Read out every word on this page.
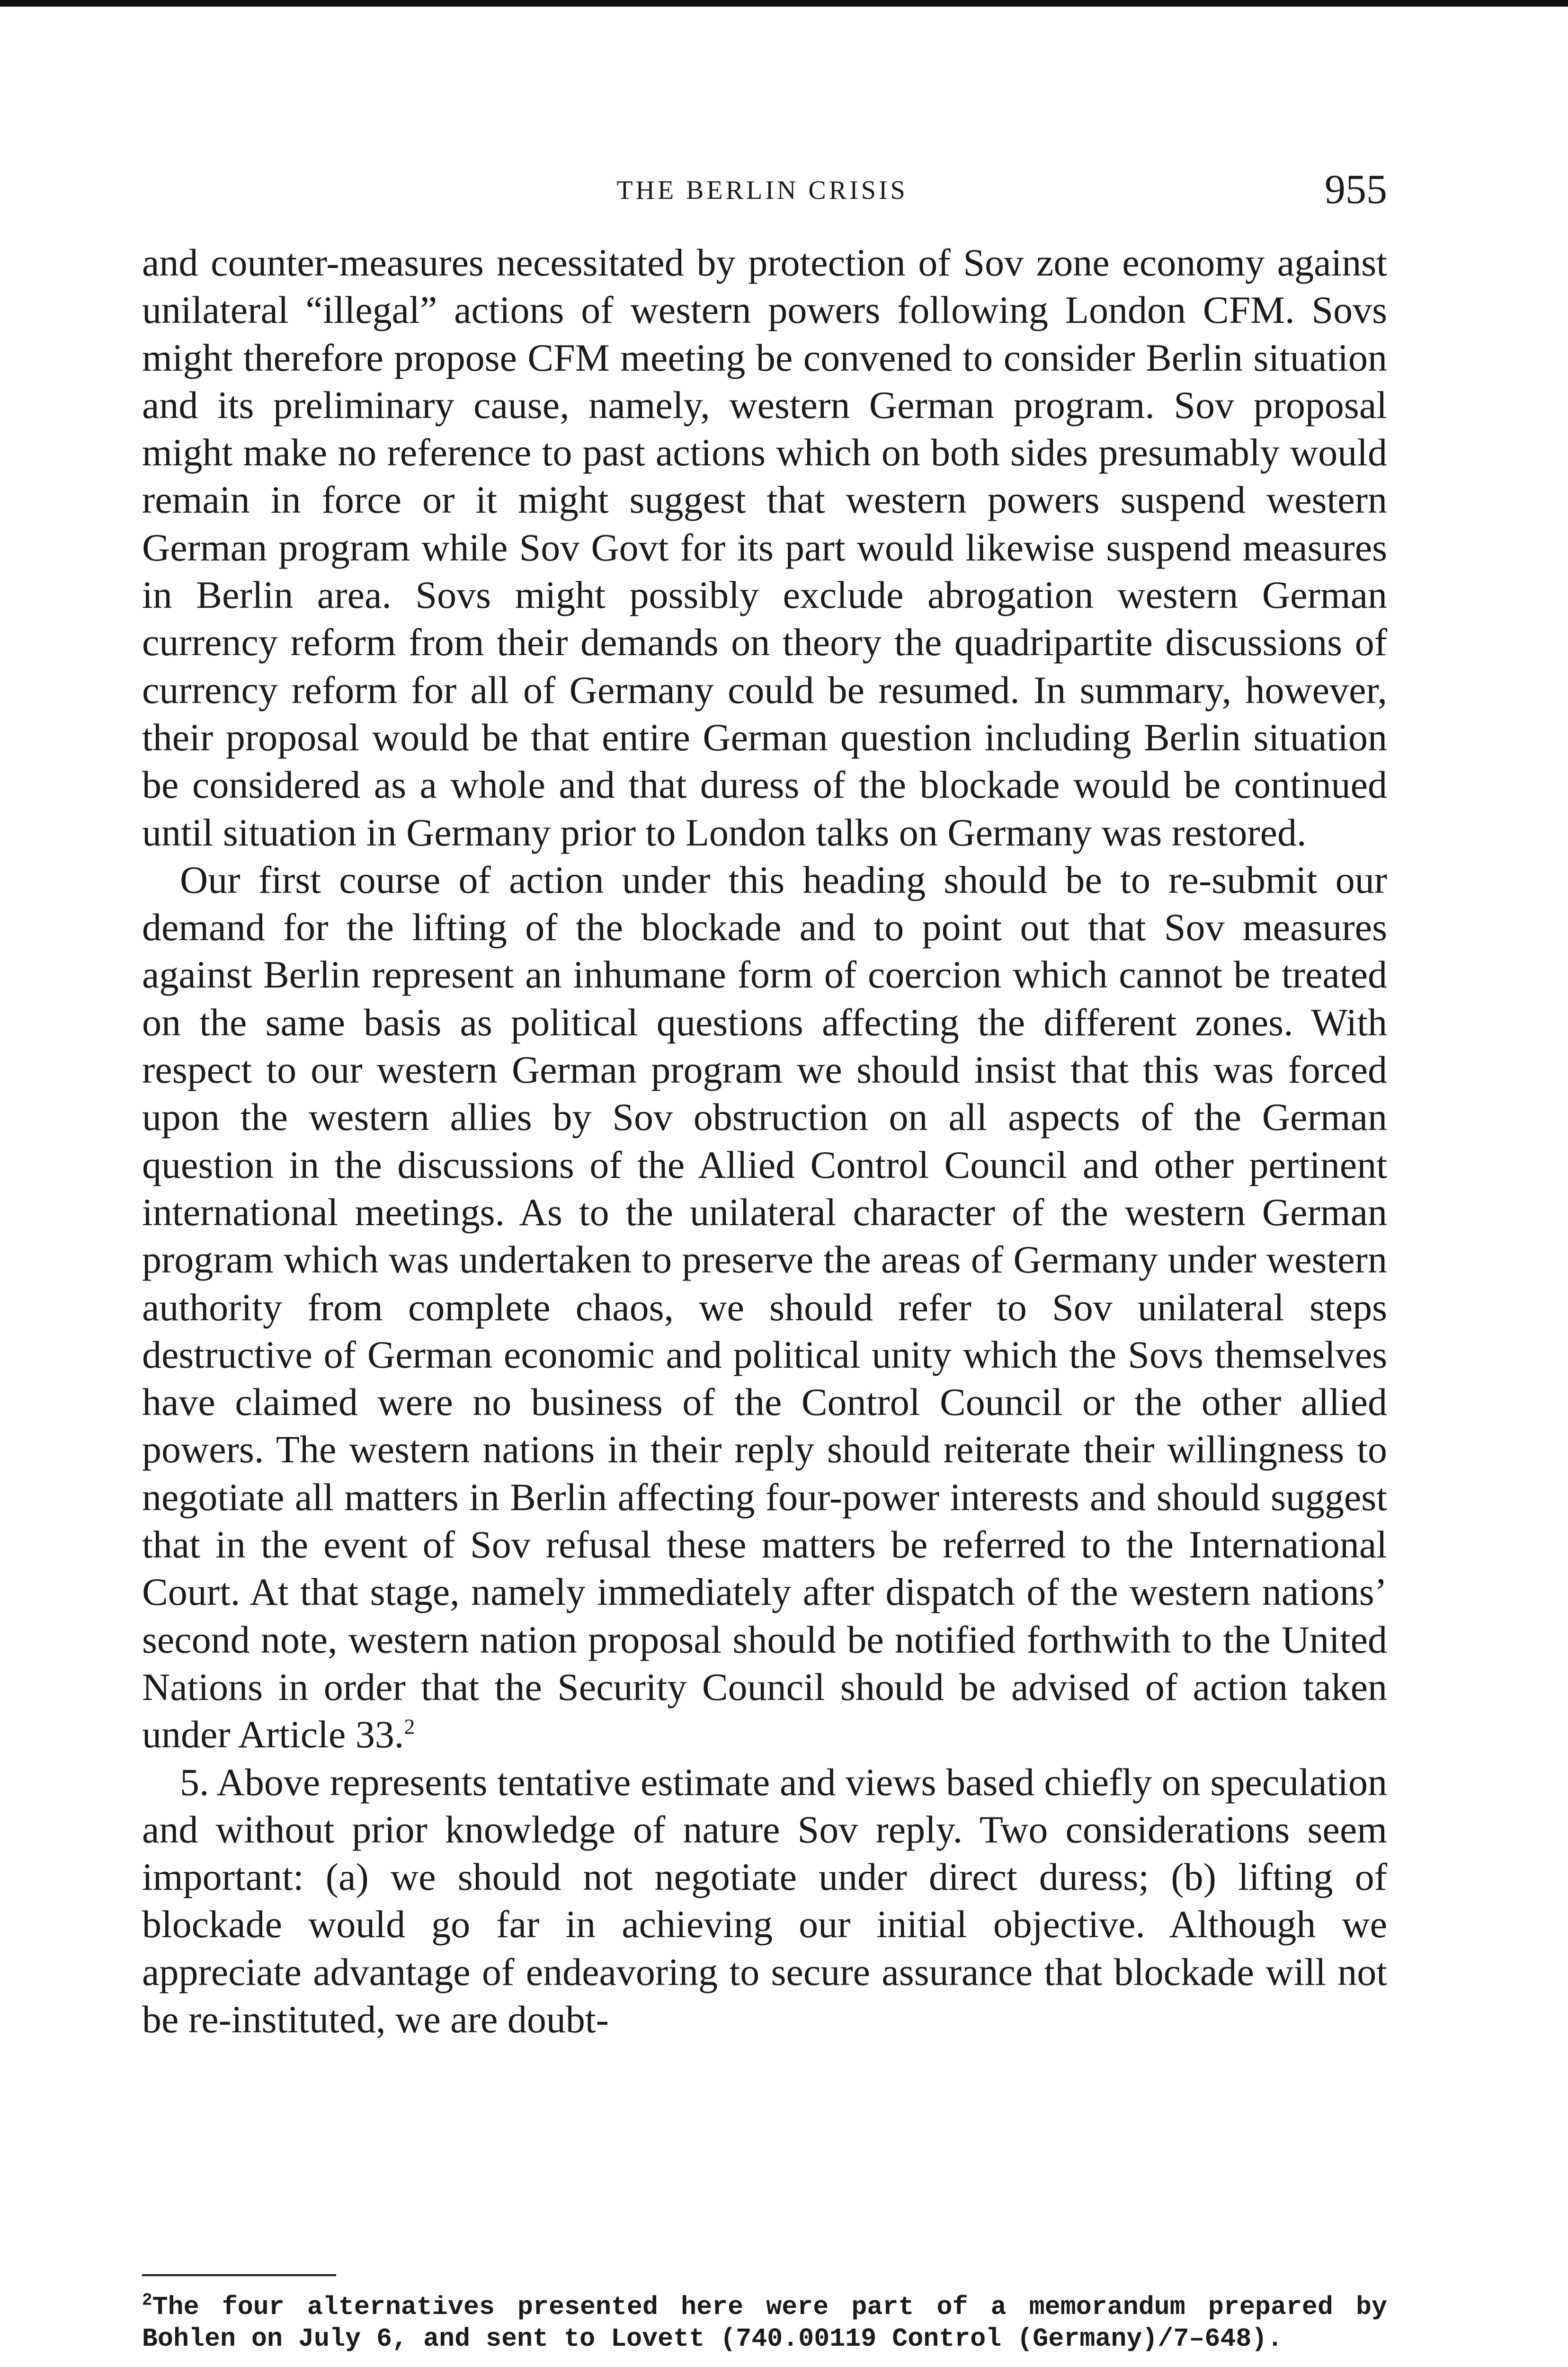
THE BERLIN CRISIS	955

and counter-measures necessitated by protection of Sov zone economy against unilateral “illegal” actions of western powers following London CFM. Sovs might therefore propose CFM meeting be convened to consider Berlin situation and its preliminary cause, namely, western German program. Sov proposal might make no reference to past actions which on both sides presumably would remain in force or it might suggest that western powers suspend western German program while Sov Govt for its part would likewise suspend measures in Berlin area. Sovs might possibly exclude abrogation western German currency reform from their demands on theory the quadripartite discussions of currency reform for all of Germany could be resumed. In summary, however, their proposal would be that entire German question including Berlin situation be considered as a whole and that duress of the blockade would be continued until situation in Germany prior to London talks on Germany was restored.

Our first course of action under this heading should be to re-submit our demand for the lifting of the blockade and to point out that Sov measures against Berlin represent an inhumane form of coercion which cannot be treated on the same basis as political questions affecting the different zones. With respect to our western German program we should insist that this was forced upon the western allies by Sov obstruction on all aspects of the German question in the discussions of the Allied Control Council and other pertinent international meetings. As to the unilateral character of the western German program which was undertaken to preserve the areas of Germany under western authority from complete chaos, we should refer to Sov unilateral steps destructive of German economic and political unity which the Sovs themselves have claimed were no business of the Control Council or the other allied powers. The western nations in their reply should reiterate their willingness to negotiate all matters in Berlin affecting four-power interests and should suggest that in the event of Sov refusal these matters be referred to the International Court. At that stage, namely immediately after dispatch of the western nations’ second note, western nation proposal should be notified forthwith to the United Nations in order that the Security Council should be advised of action taken under Article 33.$^2$

5. Above represents tentative estimate and views based chiefly on speculation and without prior knowledge of nature Sov reply. Two considerations seem important: (a) we should not negotiate under direct duress; (b) lifting of blockade would go far in achieving our initial objective. Although we appreciate advantage of endeavoring to secure assurance that blockade will not be re-instituted, we are doubt-

$^2$The four alternatives presented here were part of a memorandum prepared by Bohlen on July 6, and sent to Lovett (740.00119 Control (Germany)/7–648).
